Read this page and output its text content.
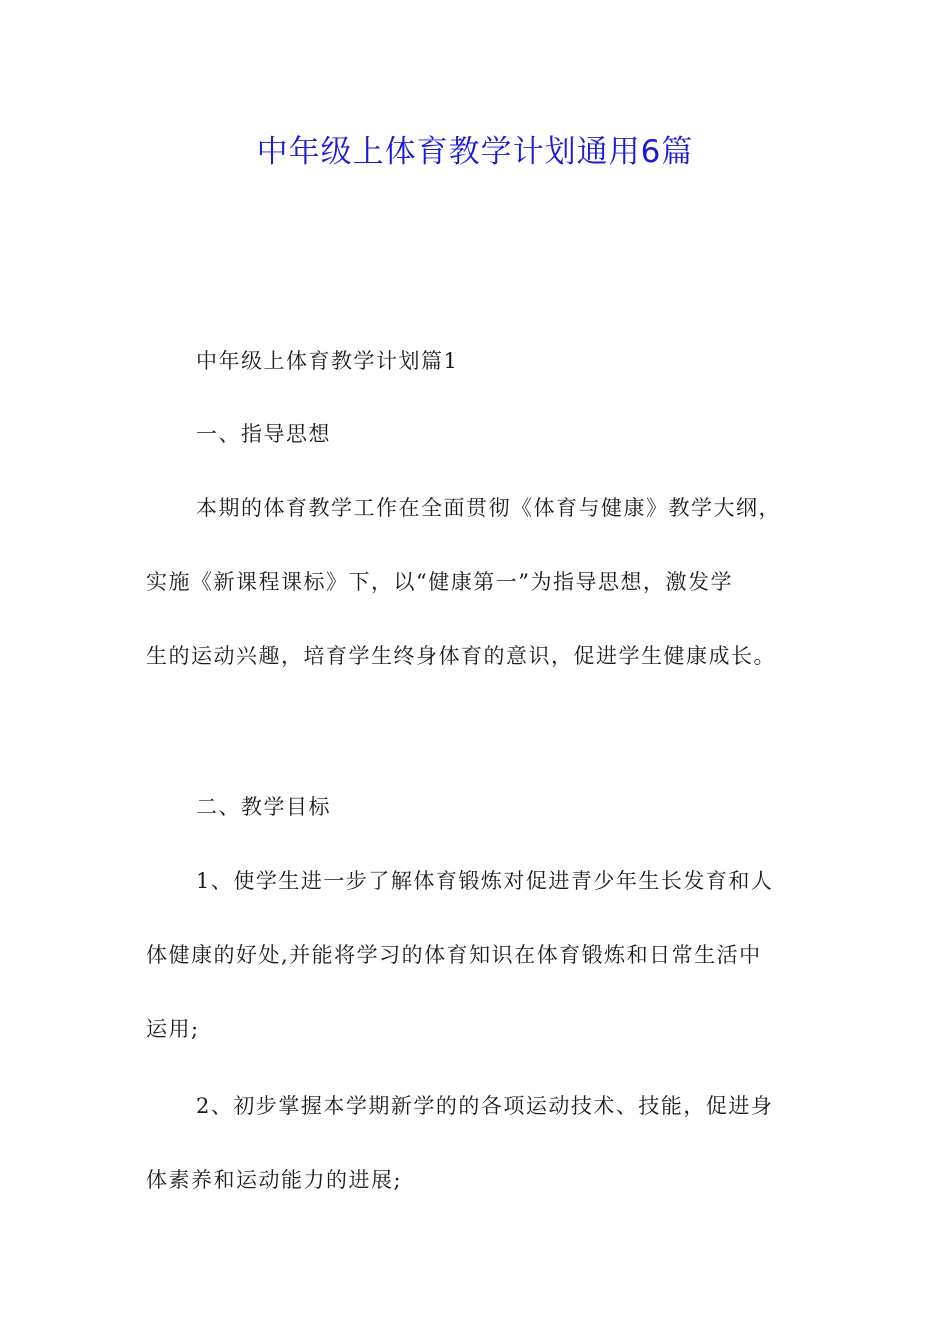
中年级上体育教学计划通用6篇

中年级上体育教学计划篇1

一、指导思想

本期的体育教学工作在全面贯彻《体育与健康》教学大纲，

实施《新课程课标》下，以“健康第一”为指导思想，激发学

生的运动兴趣，培育学生终身体育的意识，促进学生健康成长。

二、教学目标

1、使学生进一步了解体育锻炼对促进青少年生长发育和人

体健康的好处,并能将学习的体育知识在体育锻炼和日常生活中

运用;

2、初步掌握本学期新学的的各项运动技术、技能，促进身

体素养和运动能力的进展;
